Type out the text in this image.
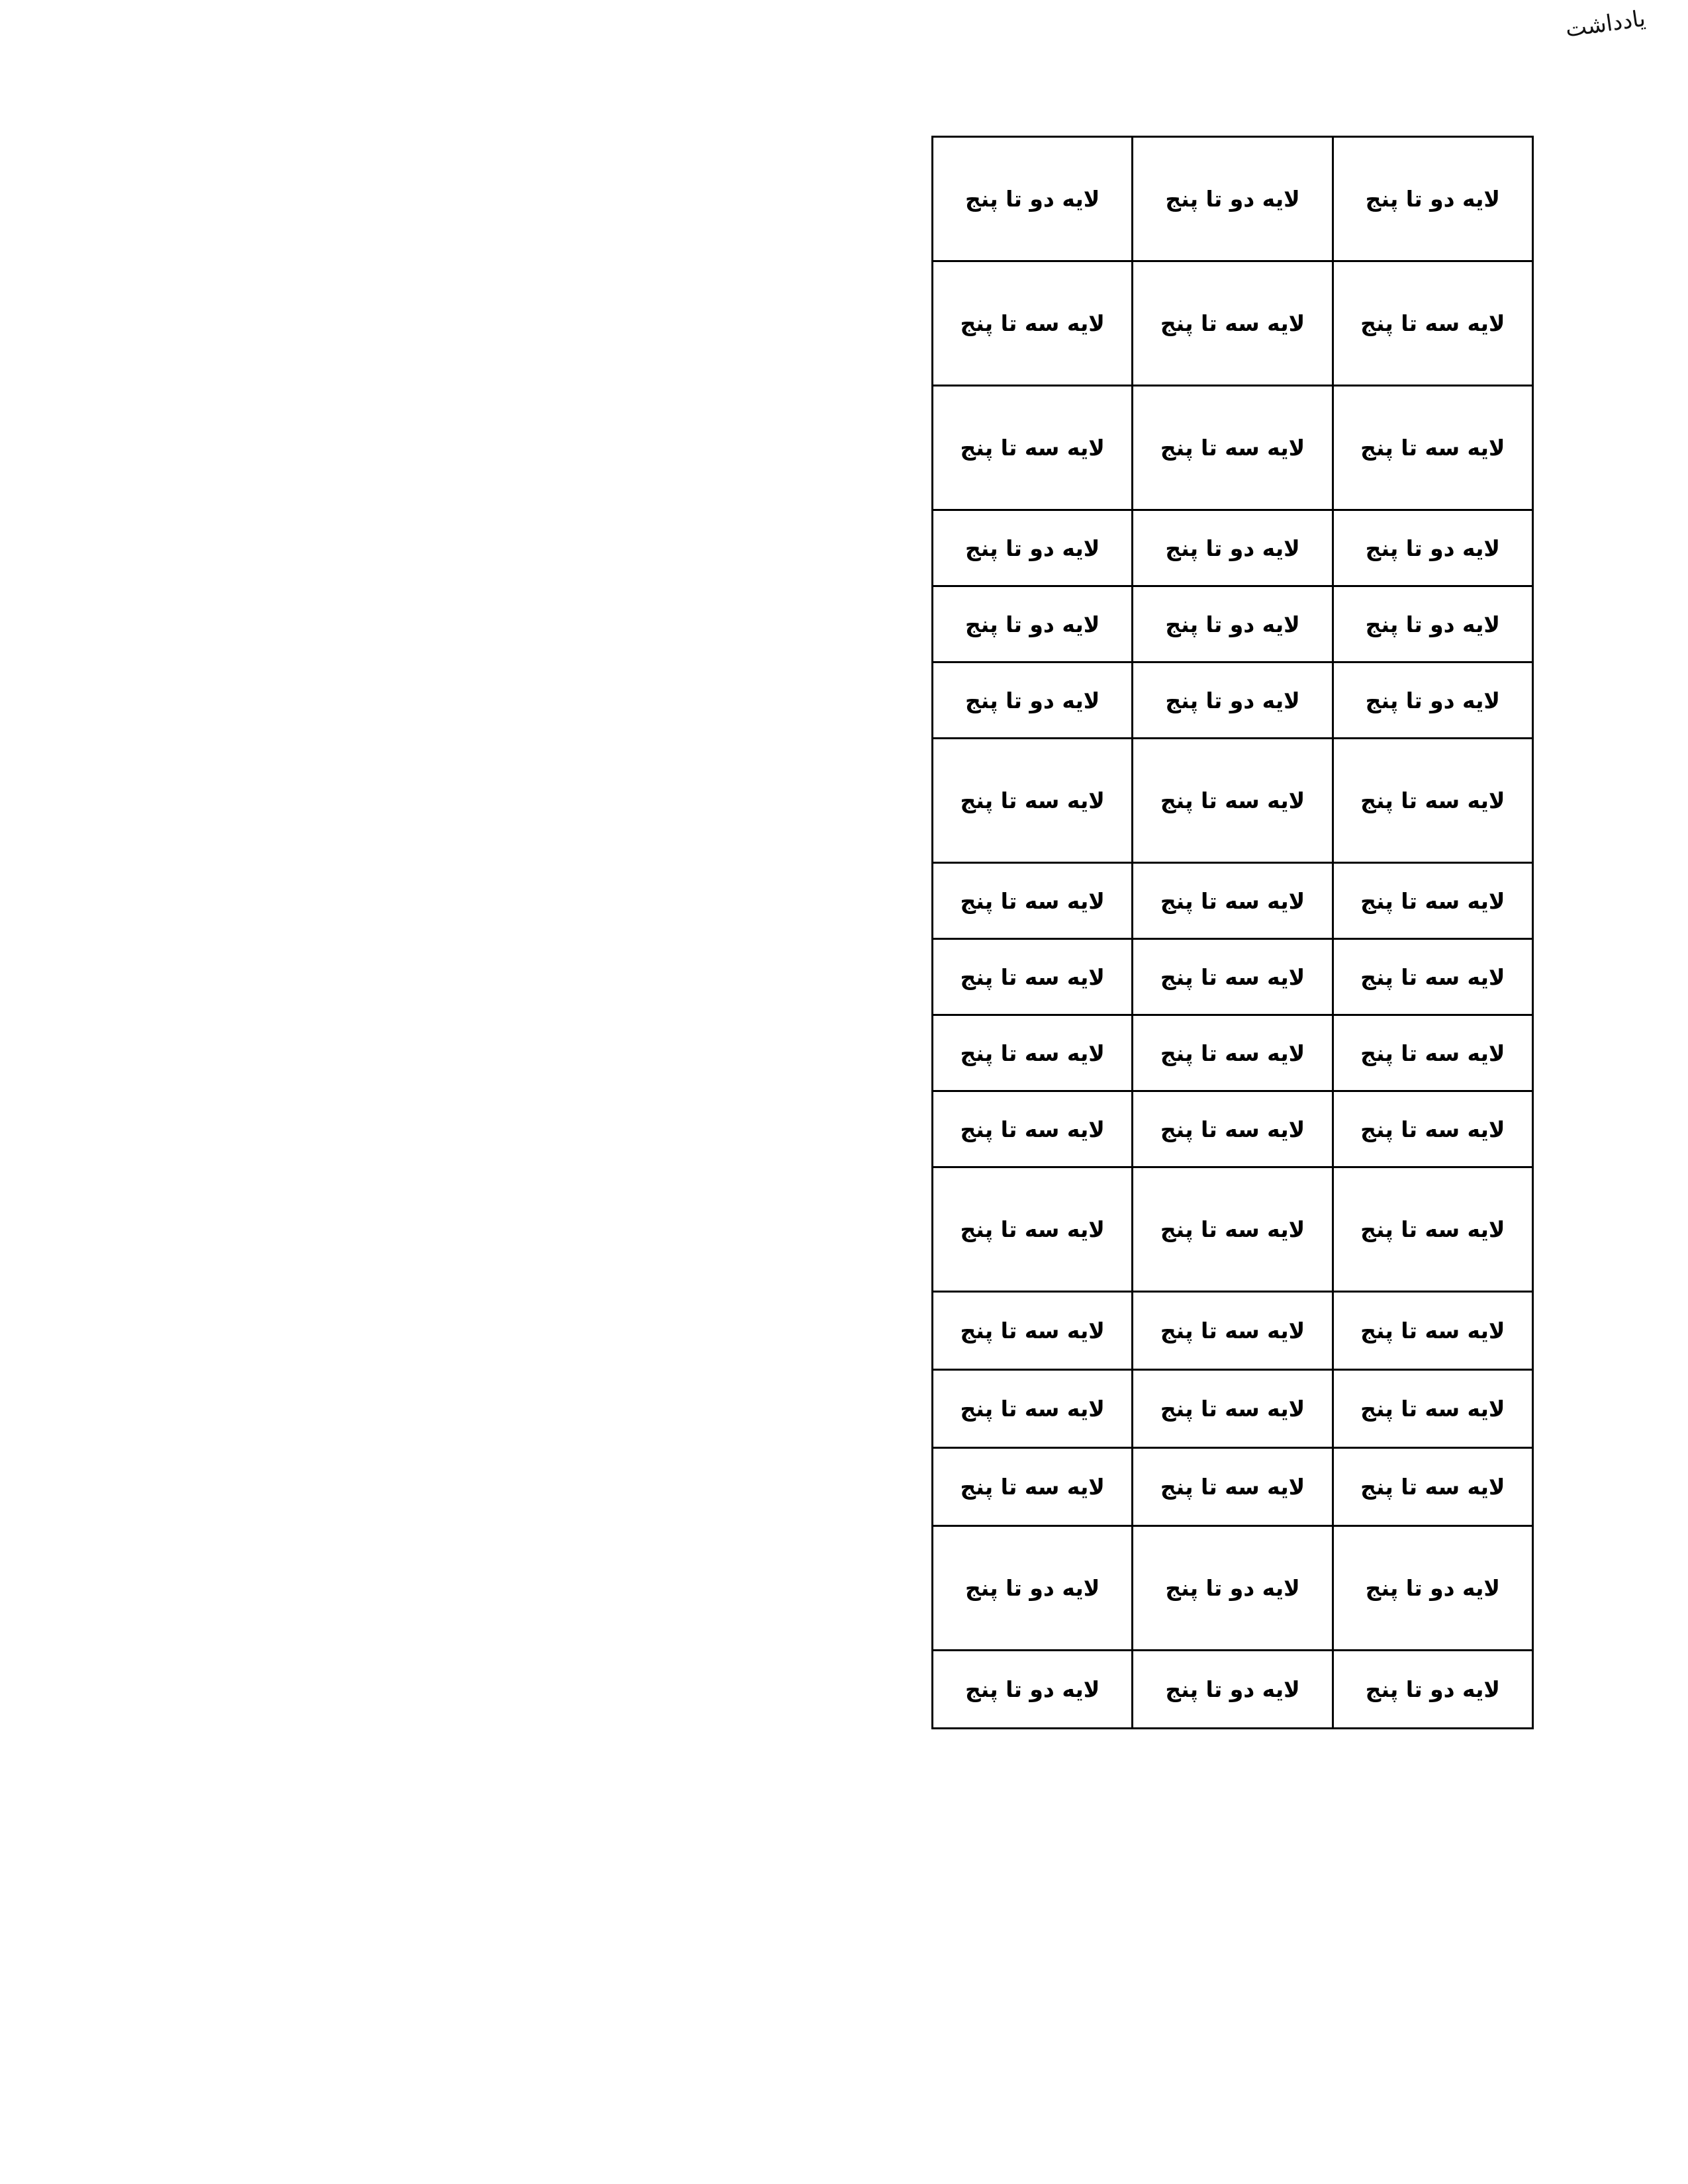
یادداشت
لایه دو تا پنج	لایه دو تا پنج	لایه دو تا پنج
لایه سه تا پنج	لایه سه تا پنج	لایه سه تا پنج
لایه سه تا پنج	لایه سه تا پنج	لایه سه تا پنج
لایه دو تا پنج	لایه دو تا پنج	لایه دو تا پنج
لایه دو تا پنج	لایه دو تا پنج	لایه دو تا پنج
لایه دو تا پنج	لایه دو تا پنج	لایه دو تا پنج
لایه سه تا پنج	لایه سه تا پنج	لایه سه تا پنج
لایه سه تا پنج	لایه سه تا پنج	لایه سه تا پنج
لایه سه تا پنج	لایه سه تا پنج	لایه سه تا پنج
لایه سه تا پنج	لایه سه تا پنج	لایه سه تا پنج
لایه سه تا پنج	لایه سه تا پنج	لایه سه تا پنج
لایه سه تا پنج	لایه سه تا پنج	لایه سه تا پنج
لایه سه تا پنج	لایه سه تا پنج	لایه سه تا پنج
لایه سه تا پنج	لایه سه تا پنج	لایه سه تا پنج
لایه سه تا پنج	لایه سه تا پنج	لایه سه تا پنج
لایه دو تا پنج	لایه دو تا پنج	لایه دو تا پنج
لایه دو تا پنج	لایه دو تا پنج	لایه دو تا پنج
